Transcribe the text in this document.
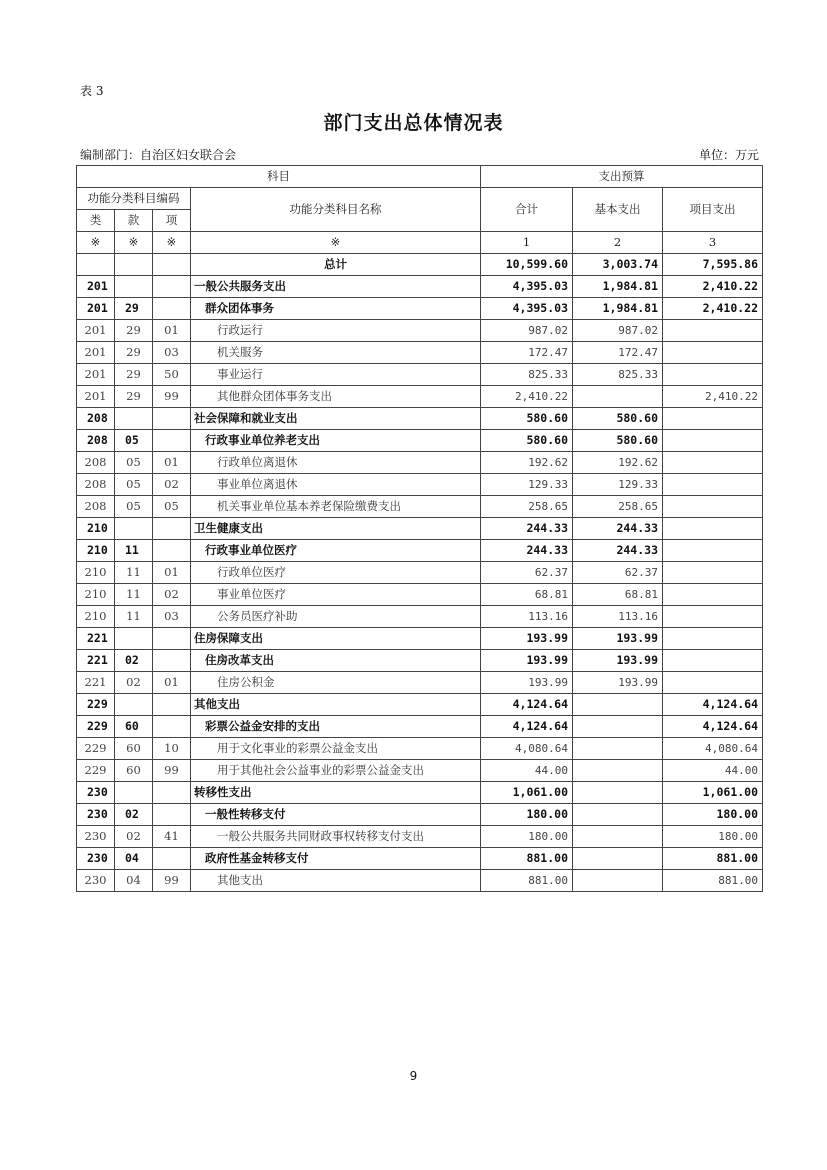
表 3
部门支出总体情况表
编制部门：自治区妇女联合会	单位：万元
科目				支出预算		
功能分类科目编码			功能分类科目名称	合计	基本支出	项目支出
类	款	项				
※	※	※	※	1	2	3
			总计	10,599.60	3,003.74	7,595.86
201			一般公共服务支出	4,395.03	1,984.81	2,410.22
201	29		群众团体事务	4,395.03	1,984.81	2,410.22
201	29	01	行政运行	987.02	987.02	
201	29	03	机关服务	172.47	172.47	
201	29	50	事业运行	825.33	825.33	
201	29	99	其他群众团体事务支出	2,410.22		2,410.22
208			社会保障和就业支出	580.60	580.60	
208	05		行政事业单位养老支出	580.60	580.60	
208	05	01	行政单位离退休	192.62	192.62	
208	05	02	事业单位离退休	129.33	129.33	
208	05	05	机关事业单位基本养老保险缴费支出	258.65	258.65	
210			卫生健康支出	244.33	244.33	
210	11		行政事业单位医疗	244.33	244.33	
210	11	01	行政单位医疗	62.37	62.37	
210	11	02	事业单位医疗	68.81	68.81	
210	11	03	公务员医疗补助	113.16	113.16	
221			住房保障支出	193.99	193.99	
221	02		住房改革支出	193.99	193.99	
221	02	01	住房公积金	193.99	193.99	
229			其他支出	4,124.64		4,124.64
229	60		彩票公益金安排的支出	4,124.64		4,124.64
229	60	10	用于文化事业的彩票公益金支出	4,080.64		4,080.64
229	60	99	用于其他社会公益事业的彩票公益金支出	44.00		44.00
230			转移性支出	1,061.00		1,061.00
230	02		一般性转移支付	180.00		180.00
230	02	41	一般公共服务共同财政事权转移支付支出	180.00		180.00
230	04		政府性基金转移支付	881.00		881.00
230	04	99	其他支出	881.00		881.00
9
